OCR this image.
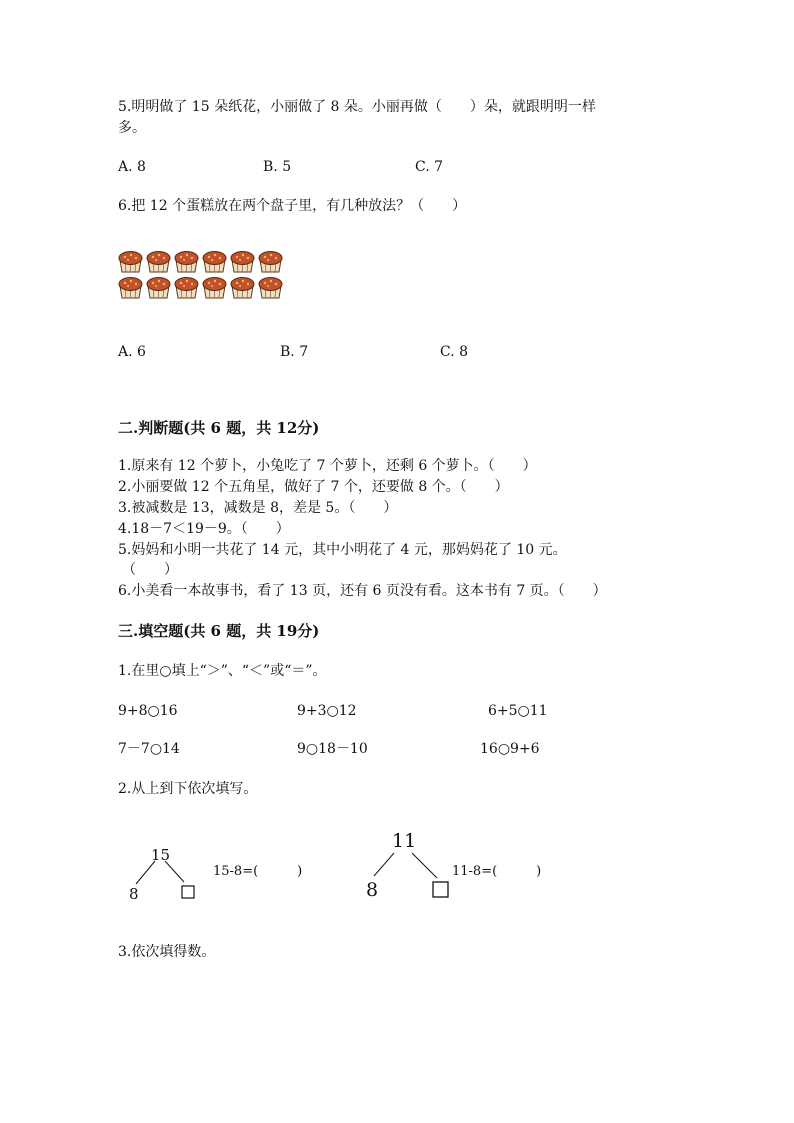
5.明明做了 15 朵纸花，小丽做了 8 朵。小丽再做（　　）朵，就跟明明一样
多。
A. 8	B. 5	C. 7
6.把 12 个蛋糕放在两个盘子里，有几种放法？（　　）
A. 6	B. 7	C. 8
二.判断题(共 6 题，共 12分)
1.原来有 12 个萝卜，小兔吃了 7 个萝卜，还剩 6 个萝卜。（　　）
2.小丽要做 12 个五角星，做好了 7 个，还要做 8 个。（　　）
3.被减数是 13，减数是 8，差是 5。（　　）
4.18－7＜19－9。（　　）
5.妈妈和小明一共花了 14 元，其中小明花了 4 元，那妈妈花了 10 元。
（　　）
6.小美看一本故事书，看了 13 页，还有 6 页没有看。这本书有 7 页。（　　）
三.填空题(共 6 题，共 19分)
1.在里○填上“＞”、“＜”或“＝”。
9+8○16	9+3○12	6+5○11
7－7○14	9○18－10	16○9+6
2.从上到下依次填写。
15
8
15-8=(　　　)
11
8
11-8=(　　　)
3.依次填得数。
